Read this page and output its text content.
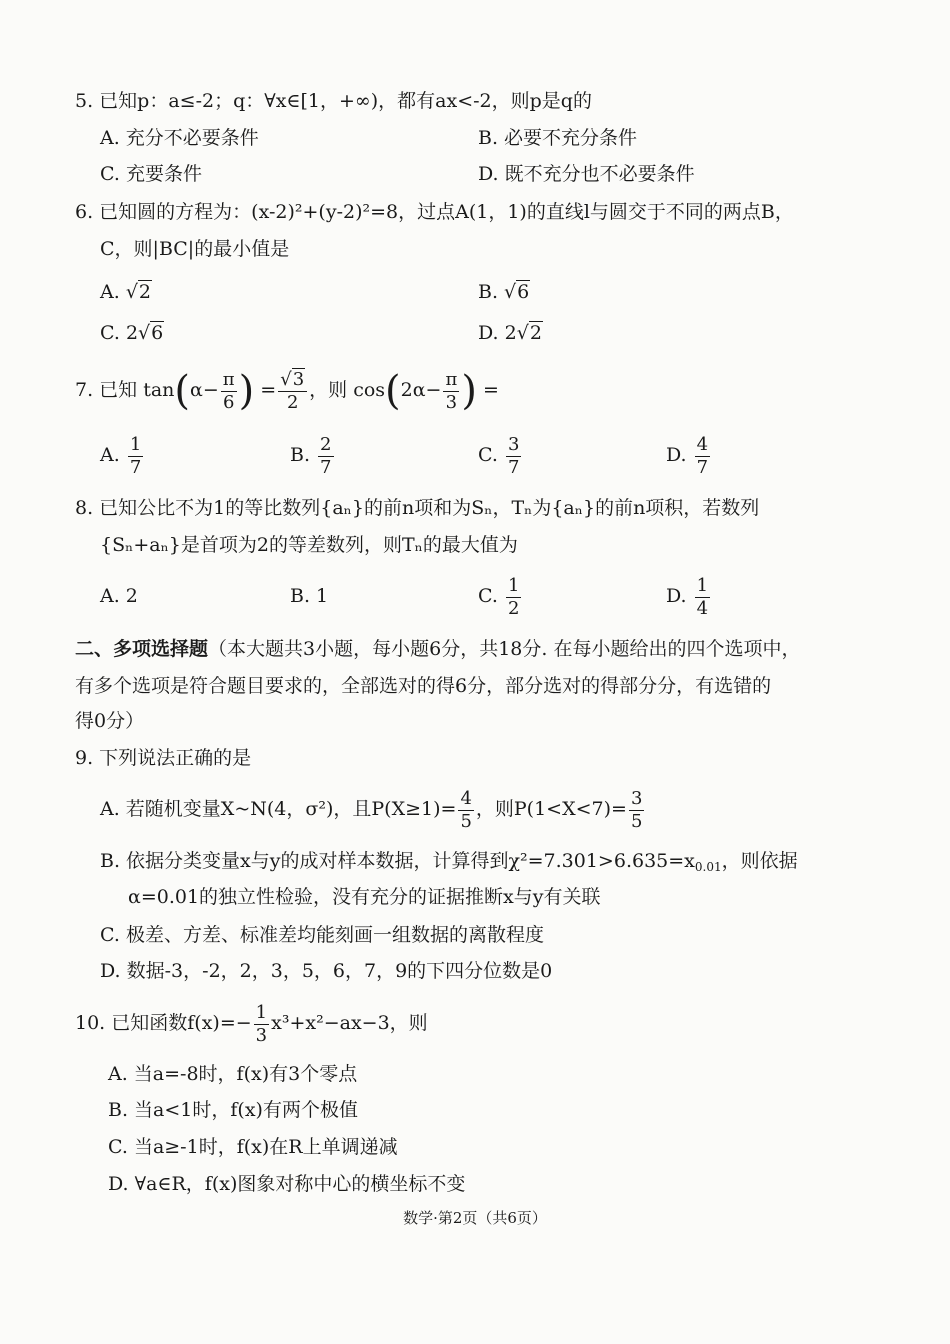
5. 已知p：a≤-2；q：∀x∈[1，+∞)，都有ax<-2，则p是q的
A. 充分不必要条件	B. 必要不充分条件
C. 充要条件	D. 既不充分也不必要条件
6. 已知圆的方程为：(x-2)²+(y-2)²=8，过点A(1，1)的直线l与圆交于不同的两点B，
C，则|BC|的最小值是
A. √2	B. √6
C. 2√6	D. 2√2
7. 已知 $\tan(\alpha- \frac{\pi}{6}$ ) = $\frac{√3}{2}$ ，则 $\cos(2\alpha- \frac{\pi}{3}$ ) =
A. $\frac{1}{7}$	B. $\frac{2}{7}$	C. $\frac{3}{7}$	D. $\frac{4}{7}$
8. 已知公比不为1的等比数列{aₙ}的前n项和为Sₙ，Tₙ为{aₙ}的前n项积，若数列
{Sₙ+aₙ}是首项为2的等差数列，则Tₙ的最大值为
A. 2	B. 1	C. $\frac{1}{2}$	D. $\frac{1}{4}$
二、多项选择题（本大题共3小题，每小题6分，共18分. 在每小题给出的四个选项中，
有多个选项是符合题目要求的，全部选对的得6分，部分选对的得部分分，有选错的
得0分）
9. 下列说法正确的是
A. 若随机变量X~N(4，σ²)，且$P(X\ge 1)= \frac{4}{5}$ ，则$P(1<X<7)= \frac{3}{5}$
B. 依据分类变量x与y的成对样本数据，计算得到$\chi^2=7.301>6.635=x_{0.01}$，则依据
α=0.01的独立性检验，没有充分的证据推断x与y有关联
C. 极差、方差、标准差均能刻画一组数据的离散程度
D. 数据-3，-2，2，3，5，6，7，9的下四分位数是0
10. 已知函数$f(x)=- \frac{1}{3} x^3+x^2-ax-3$，则
A. 当a=-8时，f(x)有3个零点
B. 当a<1时，f(x)有两个极值
C. 当a≥-1时，f(x)在R上单调递减
D. ∀a∈R，f(x)图象对称中心的横坐标不变
数学·第2页（共6页）
